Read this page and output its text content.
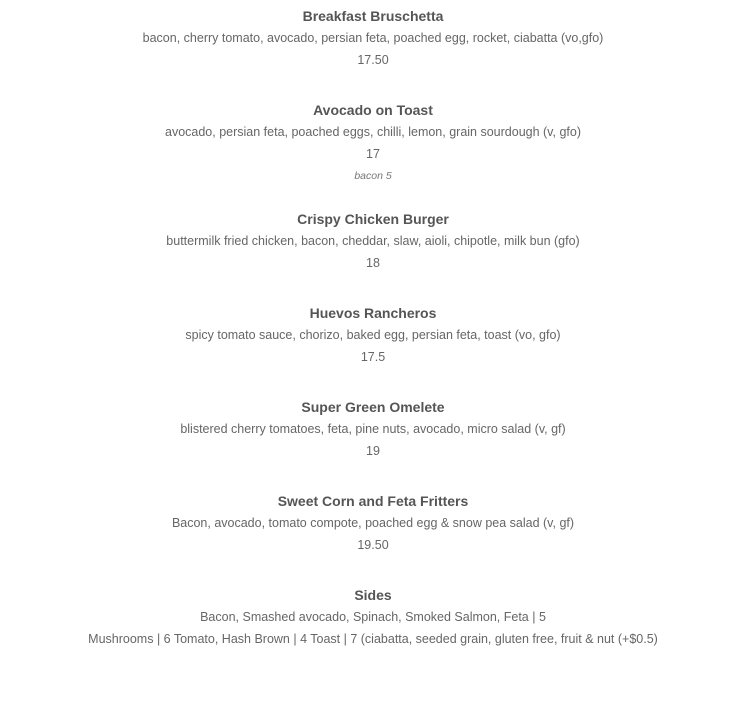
Breakfast Bruschetta
bacon, cherry tomato, avocado, persian feta, poached egg, rocket, ciabatta (vo,gfo)
17.50
Avocado on Toast
avocado, persian feta, poached eggs, chilli, lemon, grain sourdough (v, gfo)
17
bacon 5
Crispy Chicken Burger
buttermilk fried chicken, bacon, cheddar, slaw, aioli, chipotle, milk bun (gfo)
18
Huevos Rancheros
spicy tomato sauce, chorizo, baked egg, persian feta, toast (vo, gfo)
17.5
Super Green Omelete
blistered cherry tomatoes, feta, pine nuts, avocado, micro salad (v, gf)
19
Sweet Corn and Feta Fritters
Bacon, avocado, tomato compote, poached egg & snow pea salad (v, gf)
19.50
Sides
Bacon, Smashed avocado, Spinach, Smoked Salmon, Feta | 5
Mushrooms | 6 Tomato, Hash Brown | 4 Toast | 7 (ciabatta, seeded grain, gluten free, fruit & nut (+$0.5)
